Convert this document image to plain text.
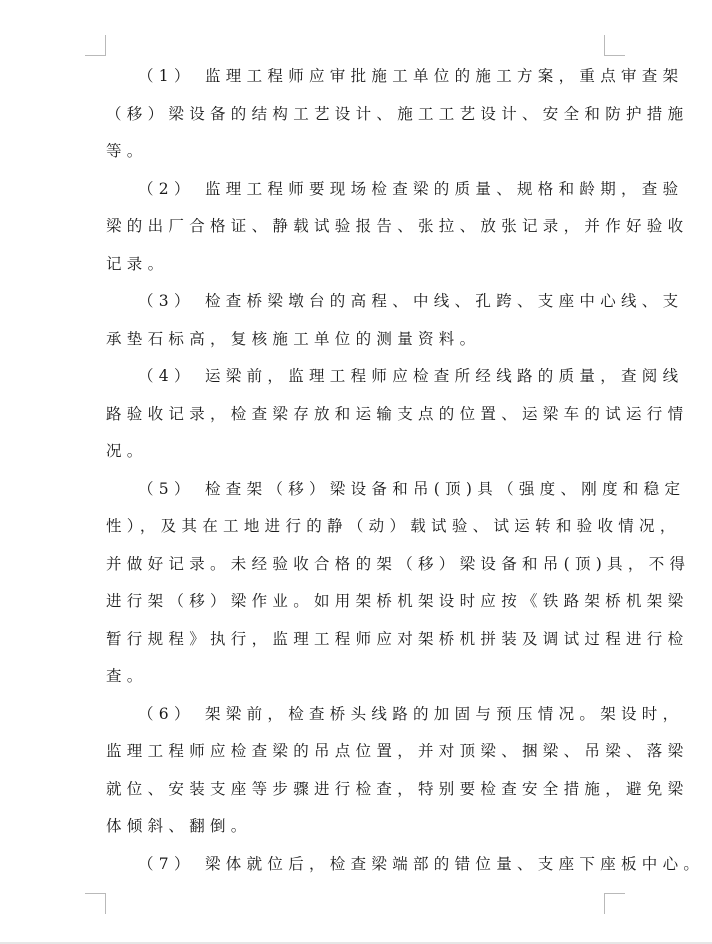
（1） 监理工程师应审批施工单位的施工方案，重点审查架
（移）梁设备的结构工艺设计、施工工艺设计、安全和防护措施
等。
（2） 监理工程师要现场检查梁的质量、规格和龄期，查验
梁的出厂合格证、静载试验报告、张拉、放张记录，并作好验收
记录。
（3） 检查桥梁墩台的高程、中线、孔跨、支座中心线、支
承垫石标高，复核施工单位的测量资料。
（4） 运梁前，监理工程师应检查所经线路的质量，查阅线
路验收记录，检查梁存放和运输支点的位置、运梁车的试运行情
况。
（5） 检查架（移）梁设备和吊(顶)具（强度、刚度和稳定
性），及其在工地进行的静（动）载试验、试运转和验收情况，
并做好记录。未经验收合格的架（移）梁设备和吊(顶)具，不得
进行架（移）梁作业。如用架桥机架设时应按《铁路架桥机架梁
暂行规程》执行，监理工程师应对架桥机拼装及调试过程进行检
查。
（6） 架梁前，检查桥头线路的加固与预压情况。架设时，
监理工程师应检查梁的吊点位置，并对顶梁、捆梁、吊梁、落梁
就位、安装支座等步骤进行检查，特别要检查安全措施，避免梁
体倾斜、翻倒。
（7） 梁体就位后，检查梁端部的错位量、支座下座板中心。
